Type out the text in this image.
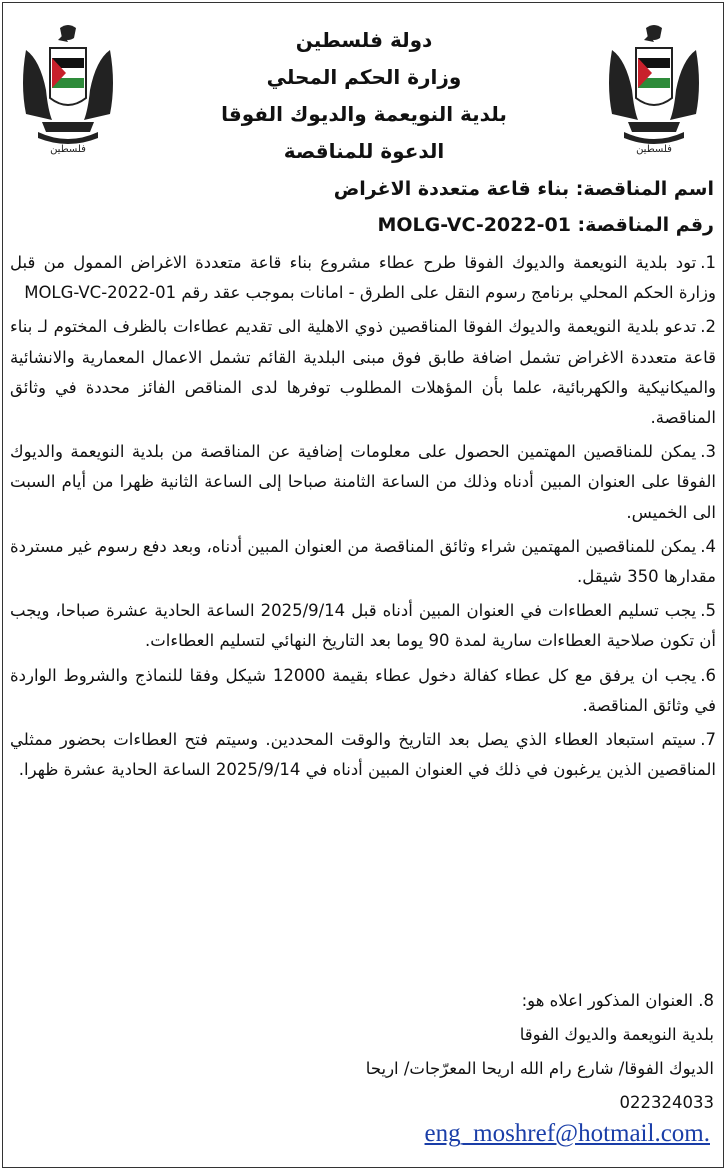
فلسطين	فلسطين
دولة فلسطين
وزارة الحكم المحلي
بلدية النويعمة والديوك الفوقا
الدعوة للمناقصة
اسم المناقصة: بناء قاعة متعددة الاغراض
رقم المناقصة: MOLG-VC-2022-01

1.تود بلدية النويعمة والديوك الفوقا طرح عطاء مشروع بناء قاعة متعددة الاغراض الممول من قبل وزارة الحكم المحلي برنامج رسوم النقل على الطرق - امانات بموجب عقد رقم MOLG-VC-2022-01

2.تدعو بلدية النويعمة والديوك الفوقا المناقصين ذوي الاهلية الى تقديم عطاءات بالظرف المختوم لـ بناء قاعة متعددة الاغراض تشمل اضافة طابق فوق مبنى البلدية القائم تشمل الاعمال المعمارية والانشائية والميكانيكية والكهربائية، علما بأن المؤهلات المطلوب توفرها لدى المناقص الفائز محددة في وثائق المناقصة.

3.يمكن للمناقصين المهتمين الحصول على معلومات إضافية عن المناقصة من بلدية النويعمة والديوك الفوقا على العنوان المبين أدناه وذلك من الساعة الثامنة صباحا إلى الساعة الثانية ظهرا من أيام السبت الى الخميس.

4.يمكن للمناقصين المهتمين شراء وثائق المناقصة من العنوان المبين أدناه، وبعد دفع رسوم غير مستردة مقدارها 350 شيقل.

5.يجب تسليم العطاءات في العنوان المبين أدناه قبل 2025/9/14 الساعة الحادية عشرة صباحا، ويجب أن تكون صلاحية العطاءات سارية لمدة 90 يوما بعد التاريخ النهائي لتسليم العطاءات.

6.يجب ان يرفق مع كل عطاء كفالة دخول عطاء بقيمة 12000 شيكل وفقا للنماذج والشروط الواردة في وثائق المناقصة.

7.سيتم استبعاد العطاء الذي يصل بعد التاريخ والوقت المحددين. وسيتم فتح العطاءات بحضور ممثلي المناقصين الذين يرغبون في ذلك في العنوان المبين أدناه في 2025/9/14 الساعة الحادية عشرة ظهرا.

8. العنوان المذكور اعلاه هو:
بلدية النويعمة والديوك الفوقا
الديوك الفوقا/ شارع رام الله اريحا المعرّجات/ اريحا
022324033
eng_moshref@hotmail.com.
